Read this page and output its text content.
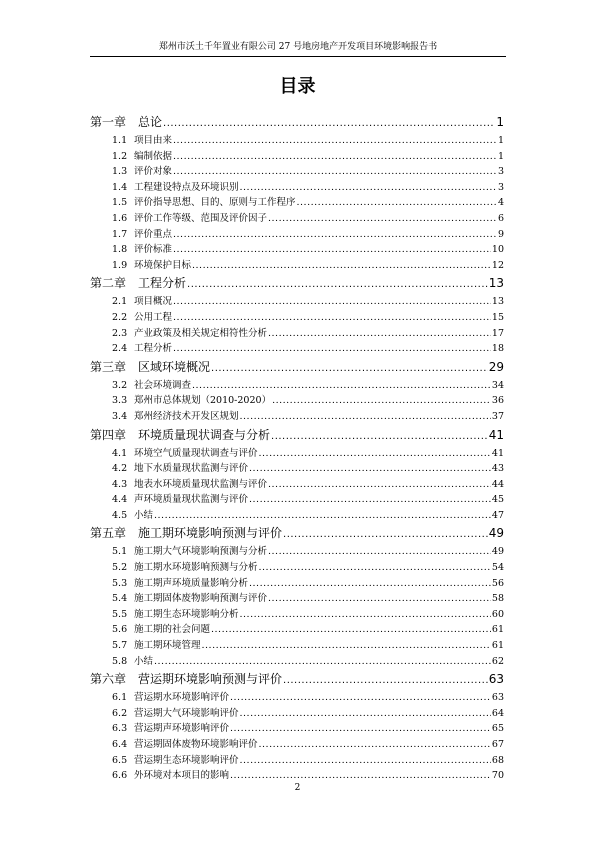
郑州市沃土千年置业有限公司 27 号地房地产开发项目环境影响报告书
目录
第一章 总论 .....	1
1.1 项目由来 .....	1
1.2 编制依据 .....	1
1.3 评价对象 .....	3
1.4 工程建设特点及环境识别 .....	3
1.5 评价指导思想、目的、原则与工作程序 .....	4
1.6 评价工作等级、范围及评价因子 .....	6
1.7 评价重点 .....	9
1.8 评价标准 .....	10
1.9 环境保护目标 .....	12
第二章 工程分析 .....	13
2.1 项目概况 .....	13
2.2 公用工程 .....	15
2.3 产业政策及相关规定相符性分析 .....	17
2.4 工程分析 .....	18
第三章 区域环境概况 .....	29
3.2 社会环境调查 .....	34
3.3 郑州市总体规划（2010-2020） .....	36
3.4 郑州经济技术开发区规划 .....	37
第四章 环境质量现状调查与分析 .....	41
4.1 环境空气质量现状调查与评价 .....	41
4.2 地下水质量现状监测与评价 .....	43
4.3 地表水环境质量现状监测与评价 .....	44
4.4 声环境质量现状监测与评价 .....	45
4.5 小结 .....	47
第五章 施工期环境影响预测与评价 .....	49
5.1 施工期大气环境影响预测与分析 .....	49
5.2 施工期水环境影响预测与分析 .....	54
5.3 施工期声环境质量影响分析 .....	56
5.4 施工期固体废物影响预测与评价 .....	58
5.5 施工期生态环境影响分析 .....	60
5.6 施工期的社会问题 .....	61
5.7 施工期环境管理 .....	61
5.8 小结 .....	62
第六章 营运期环境影响预测与评价 .....	63
6.1 营运期水环境影响评价 .....	63
6.2 营运期大气环境影响评价 .....	64
6.3 营运期声环境影响评价 .....	65
6.4 营运期固体废物环境影响评价 .....	67
6.5 营运期生态环境影响评价 .....	68
6.6 外环境对本项目的影响 .....	70
2
